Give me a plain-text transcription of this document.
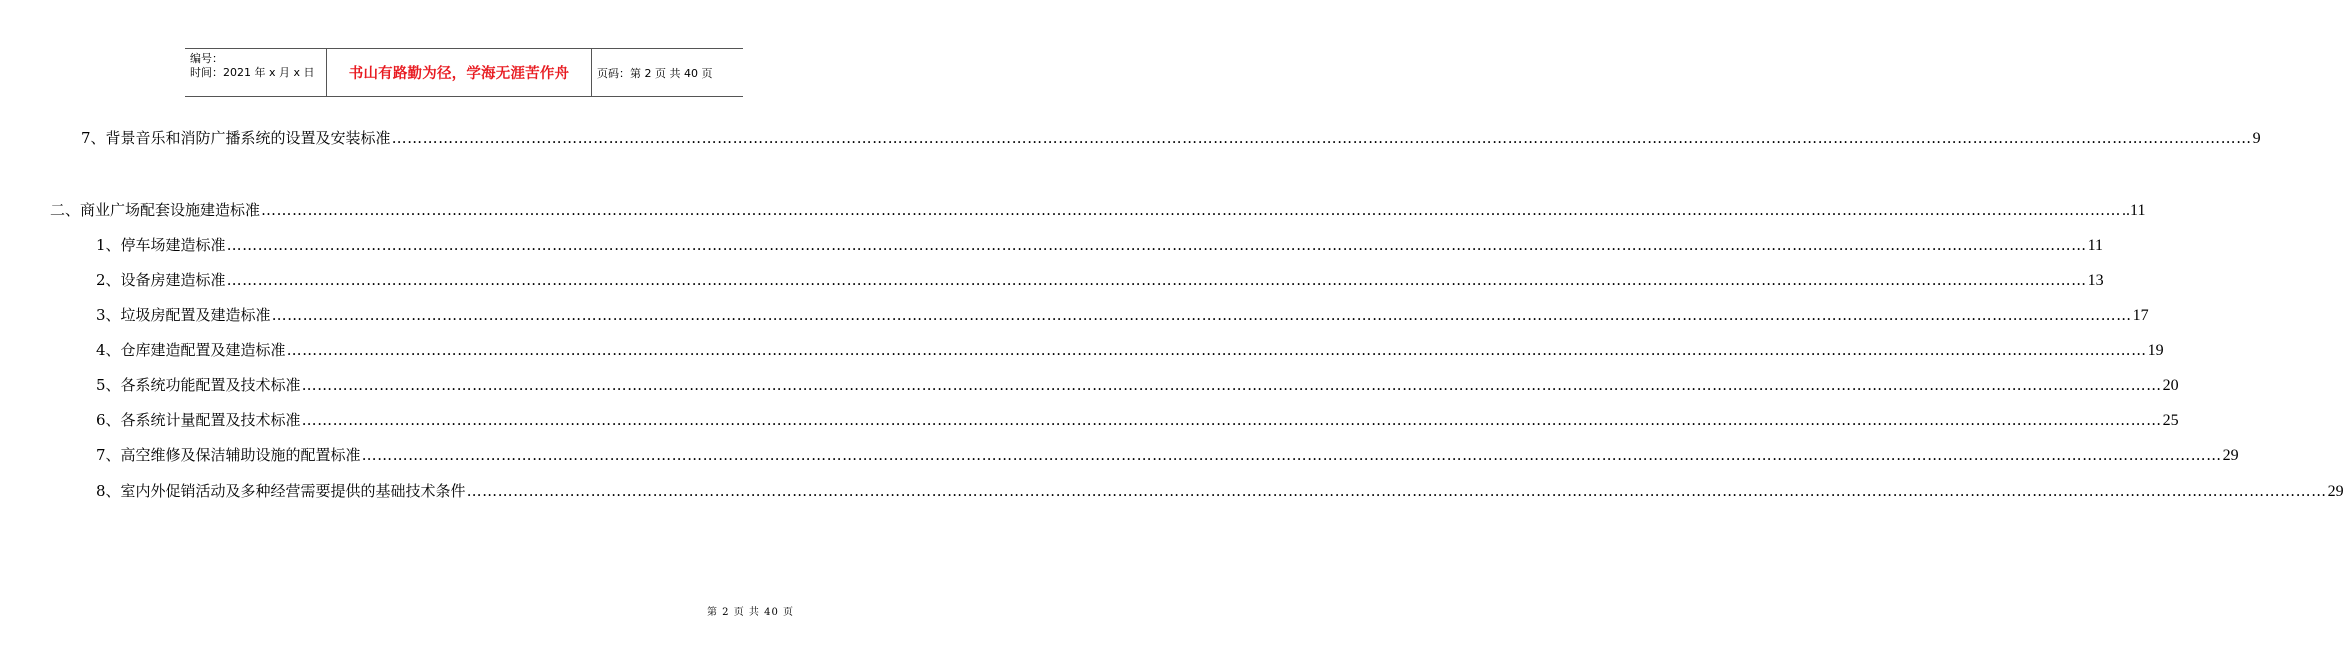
编号：
时间：2021 年 x 月 x 日	书山有路勤为径，学海无涯苦作舟	页码：第 2 页 共 40 页
7、 背景音乐和消防广播系统的设置及安装标准 ……………………………………………………………………………………………………………………………………………………………………………………………………………………………………………………………………………………………………………………………… 9
二、 商业广场配套设施建造标准 ……………………………………………………………………………………………………………………………………………………………………………………………………………………………………………………………………………………………………………………………… ..11
1、 停车场建造标准 ……………………………………………………………………………………………………………………………………………………………………………………………………………………………………………………………………………………………………………………………… 11
2、 设备房建造标准 ……………………………………………………………………………………………………………………………………………………………………………………………………………………………………………………………………………………………………………………………… 13
3、 垃圾房配置及建造标准 ……………………………………………………………………………………………………………………………………………………………………………………………………………………………………………………………………………………………………………………………… 17
4、 仓库建造配置及建造标准 ……………………………………………………………………………………………………………………………………………………………………………………………………………………………………………………………………………………………………………………………… 19
5、 各系统功能配置及技术标准 ……………………………………………………………………………………………………………………………………………………………………………………………………………………………………………………………………………………………………………………………… 20
6、 各系统计量配置及技术标准 ……………………………………………………………………………………………………………………………………………………………………………………………………………………………………………………………………………………………………………………………… 25
7、 高空维修及保洁辅助设施的配置标准 ……………………………………………………………………………………………………………………………………………………………………………………………………………………………………………………………………………………………………………………………… 29
8、 室内外促销活动及多种经营需要提供的基础技术条件 ……………………………………………………………………………………………………………………………………………………………………………………………………………………………………………………………………………………………………………………………… 29
第 2 页 共 40 页
